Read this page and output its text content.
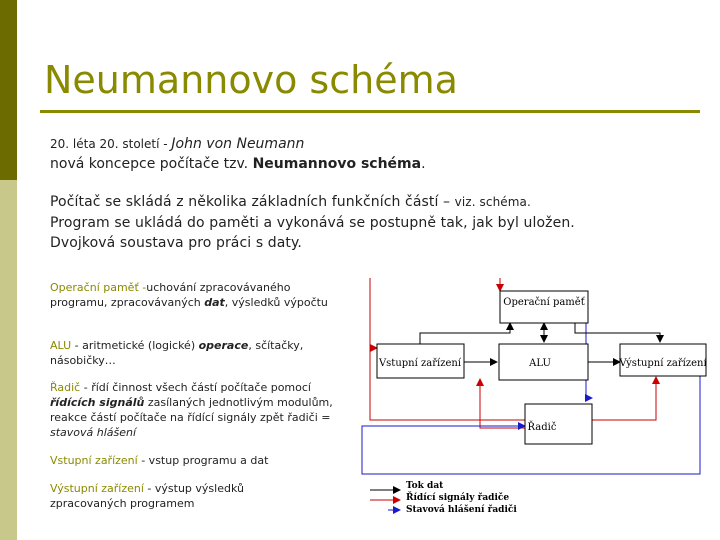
Neumannovo schéma
20. léta 20. století - John von Neumann
nová koncepce počítače tzv. Neumannovo schéma.
Počítač se skládá z několika základních funkčních částí – viz. schéma.
Program se ukládá do paměti a vykonává se postupně tak, jak byl uložen.
Dvojková soustava pro práci s daty.
Operační paměť -uchování zpracovávaného programu, zpracovávaných dat, výsledků výpočtu
ALU - aritmetické (logické) operace, sčítačky, násobičky…
Řadič - řídí činnost všech částí počítače pomocí řídících signálů zasílaných jednotlivým modulům, reakce částí počítače na řídící signály zpět řadiči = stavová hlášení
Vstupní zařízení - vstup programu a dat
Výstupní zařízení - výstup výsledků zpracovaných programem
Operační paměť
Vstupní zařízení	ALU	Výstupní zařízení
Řadič
Tok dat
Řídící signály řadiče
Stavová hlášení řadiči
